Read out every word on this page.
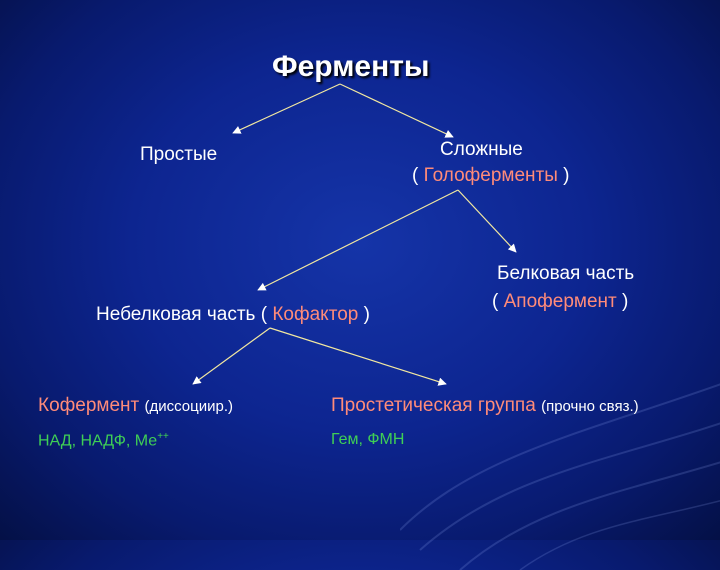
Ферменты
Простые	Сложные
( Голоферменты )
Белковая часть
( Апофермент )
Небелковая часть ( Кофактор )
Кофермент (диссоциир.)
НАД, НАДФ, Ме++
Простетическая группа (прочно связ.)
Гем, ФМН
